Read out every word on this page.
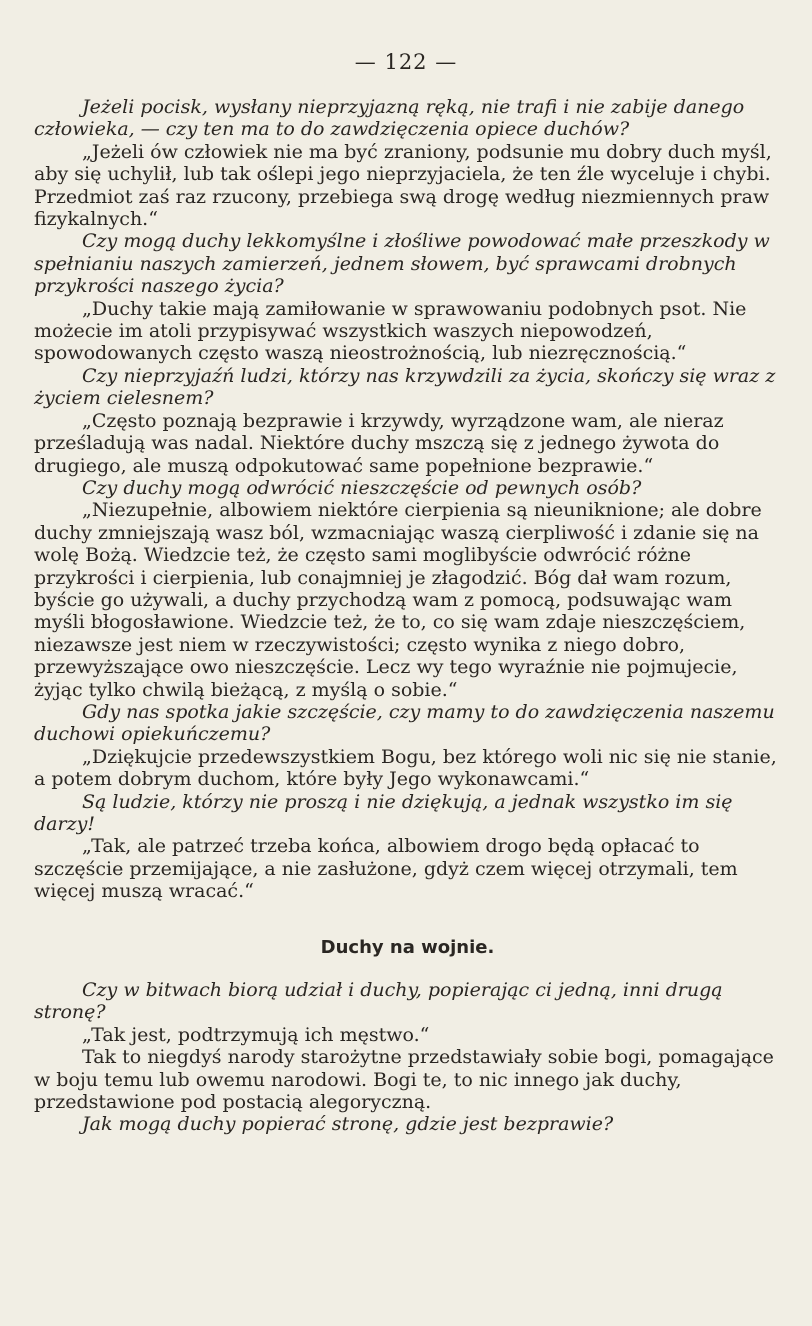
— 122 —

Jeżeli pocisk, wysłany nieprzyjazną ręką, nie trafi i nie zabije danego człowieka, — czy ten ma to do zawdzięczenia opiece duchów?

„Jeżeli ów człowiek nie ma być zraniony, podsunie mu dobry duch myśl, aby się uchylił, lub tak oślepi jego nieprzyjaciela, że ten źle wyceluje i chybi. Przedmiot zaś raz rzucony, przebiega swą drogę według niezmiennych praw fizykalnych.“

Czy mogą duchy lekkomyślne i złośliwe powodować małe przeszkody w spełnianiu naszych zamierzeń, jednem słowem, być sprawcami drobnych przykrości naszego życia?

„Duchy takie mają zamiłowanie w sprawowaniu podobnych psot. Nie możecie im atoli przypisywać wszystkich waszych niepowodzeń, spowodowanych często waszą nieostrożnością, lub niezręcznością.“

Czy nieprzyjaźń ludzi, którzy nas krzywdzili za życia, skończy się wraz z życiem cielesnem?

„Często poznają bezprawie i krzywdy, wyrządzone wam, ale nieraz prześladują was nadal. Niektóre duchy mszczą się z jednego żywota do drugiego, ale muszą odpokutować same popełnione bezprawie.“

Czy duchy mogą odwrócić nieszczęście od pewnych osób?

„Niezupełnie, albowiem niektóre cierpienia są nieuniknione; ale dobre duchy zmniejszają wasz ból, wzmacniając waszą cierpliwość i zdanie się na wolę Bożą. Wiedzcie też, że często sami moglibyście odwrócić różne przykrości i cierpienia, lub conajmniej je złagodzić. Bóg dał wam rozum, byście go używali, a duchy przychodzą wam z pomocą, podsuwając wam myśli błogosławione. Wiedzcie też, że to, co się wam zdaje nieszczęściem, niezawsze jest niem w rzeczywistości; często wynika z niego dobro, przewyższające owo nieszczęście. Lecz wy tego wyraźnie nie pojmujecie, żyjąc tylko chwilą bieżącą, z myślą o sobie.“

Gdy nas spotka jakie szczęście, czy mamy to do zawdzięczenia naszemu duchowi opiekuńczemu?

„Dziękujcie przedewszystkiem Bogu, bez którego woli nic się nie stanie, a potem dobrym duchom, które były Jego wykonawcami.“

Są ludzie, którzy nie proszą i nie dziękują, a jednak wszystko im się darzy!

„Tak, ale patrzeć trzeba końca, albowiem drogo będą opłacać to szczęście przemijające, a nie zasłużone, gdyż czem więcej otrzymali, tem więcej muszą wracać.“

Duchy na wojnie.

Czy w bitwach biorą udział i duchy, popierając ci jedną, inni drugą stronę?

„Tak jest, podtrzymują ich męstwo.“

Tak to niegdyś narody starożytne przedstawiały sobie bogi, pomagające w boju temu lub owemu narodowi. Bogi te, to nic innego jak duchy, przedstawione pod postacią alegoryczną.

Jak mogą duchy popierać stronę, gdzie jest bezprawie?
